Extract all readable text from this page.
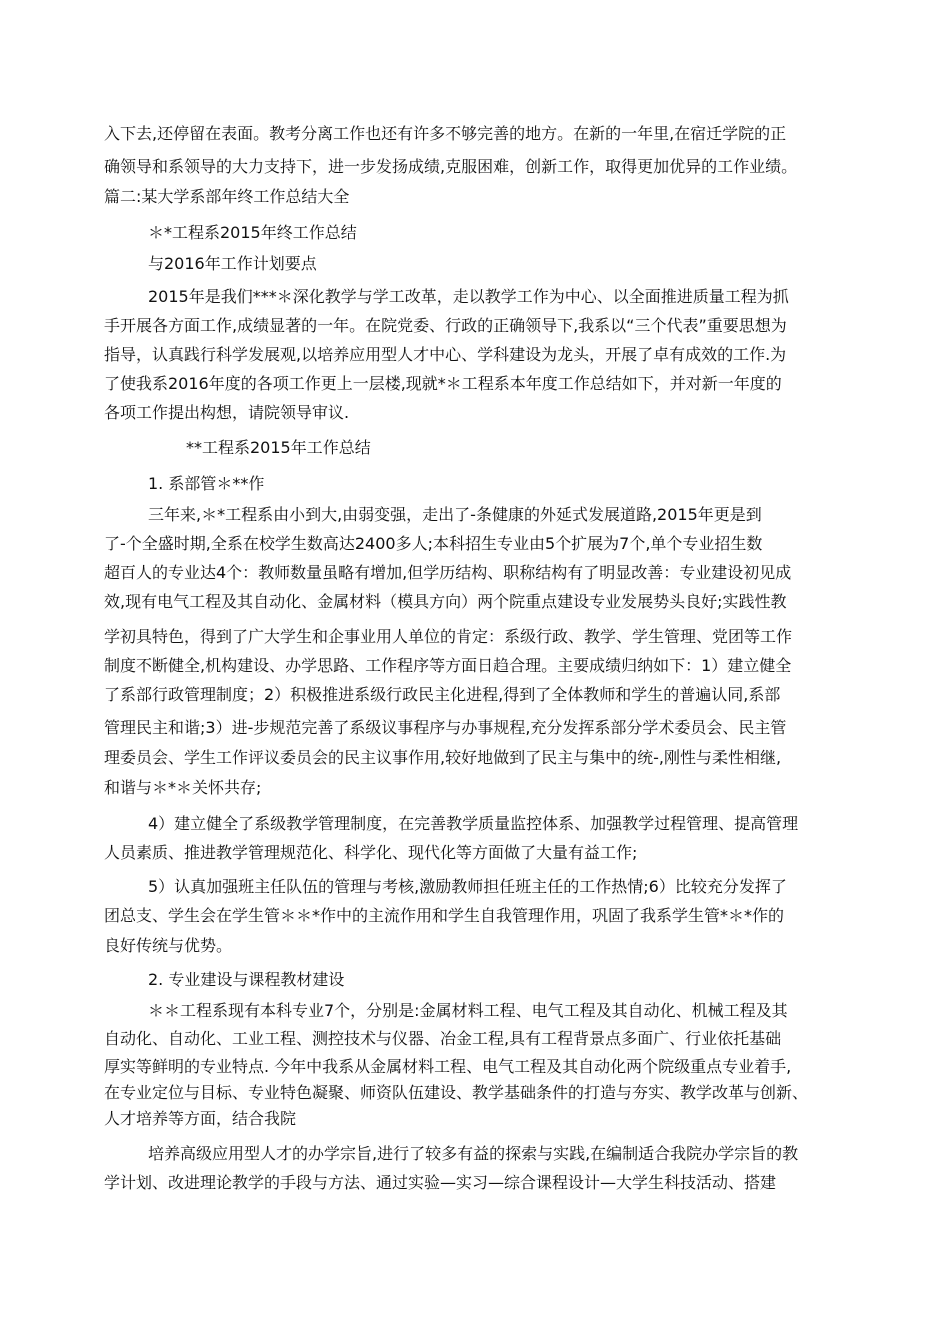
入下去,还停留在表面。教考分离工作也还有许多不够完善的地方。在新的一年里,在宿迁学院的正
确领导和系领导的大力支持下，进一步发扬成绩,克服困难，创新工作，取得更加优异的工作业绩。
篇二:某大学系部年终工作总结大全
＊*工程系2015年终工作总结
与2016年工作计划要点
2015年是我们***＊深化教学与学工改革，走以教学工作为中心、以全面推进质量工程为抓
手开展各方面工作,成绩显著的一年。在院党委、行政的正确领导下,我系以“三个代表”重要思想为
指导，认真践行科学发展观,以培养应用型人才中心、学科建设为龙头，开展了卓有成效的工作.为
了使我系2016年度的各项工作更上一层楼,现就*＊工程系本年度工作总结如下，并对新一年度的
各项工作提出构想，请院领导审议.
**工程系2015年工作总结
1. 系部管＊**作
三年来,＊*工程系由小到大,由弱变强，走出了-条健康的外延式发展道路,2015年更是到
了-个全盛时期,全系在校学生数高达2400多人;本科招生专业由5个扩展为7个,单个专业招生数
超百人的专业达4个：教师数量虽略有增加,但学历结构、职称结构有了明显改善：专业建设初见成
效,现有电气工程及其自动化、金属材料（模具方向）两个院重点建设专业发展势头良好;实践性教
学初具特色，得到了广大学生和企事业用人单位的肯定：系级行政、教学、学生管理、党团等工作
制度不断健全,机构建设、办学思路、工作程序等方面日趋合理。主要成绩归纳如下：1）建立健全
了系部行政管理制度；2）积极推进系级行政民主化进程,得到了全体教师和学生的普遍认同,系部
管理民主和谐;3）进-步规范完善了系级议事程序与办事规程,充分发挥系部分学术委员会、民主管
理委员会、学生工作评议委员会的民主议事作用,较好地做到了民主与集中的统-,刚性与柔性相继,
和谐与＊*＊关怀共存;
4）建立健全了系级教学管理制度，在完善教学质量监控体系、加强教学过程管理、提高管理
人员素质、推进教学管理规范化、科学化、现代化等方面做了大量有益工作;
5）认真加强班主任队伍的管理与考核,激励教师担任班主任的工作热情;6）比较充分发挥了
团总支、学生会在学生管＊＊*作中的主流作用和学生自我管理作用，巩固了我系学生管*＊*作的
良好传统与优势。
2. 专业建设与课程教材建设
＊＊工程系现有本科专业7个，分别是:金属材料工程、电气工程及其自动化、机械工程及其
自动化、自动化、工业工程、测控技术与仪器、冶金工程,具有工程背景点多面广、行业依托基础
厚实等鲜明的专业特点. 今年中我系从金属材料工程、电气工程及其自动化两个院级重点专业着手,
在专业定位与目标、专业特色凝聚、师资队伍建设、教学基础条件的打造与夯实、教学改革与创新、
人才培养等方面，结合我院
培养高级应用型人才的办学宗旨,进行了较多有益的探索与实践,在编制适合我院办学宗旨的教
学计划、改进理论教学的手段与方法、通过实验—实习—综合课程设计—大学生科技活动、搭建
